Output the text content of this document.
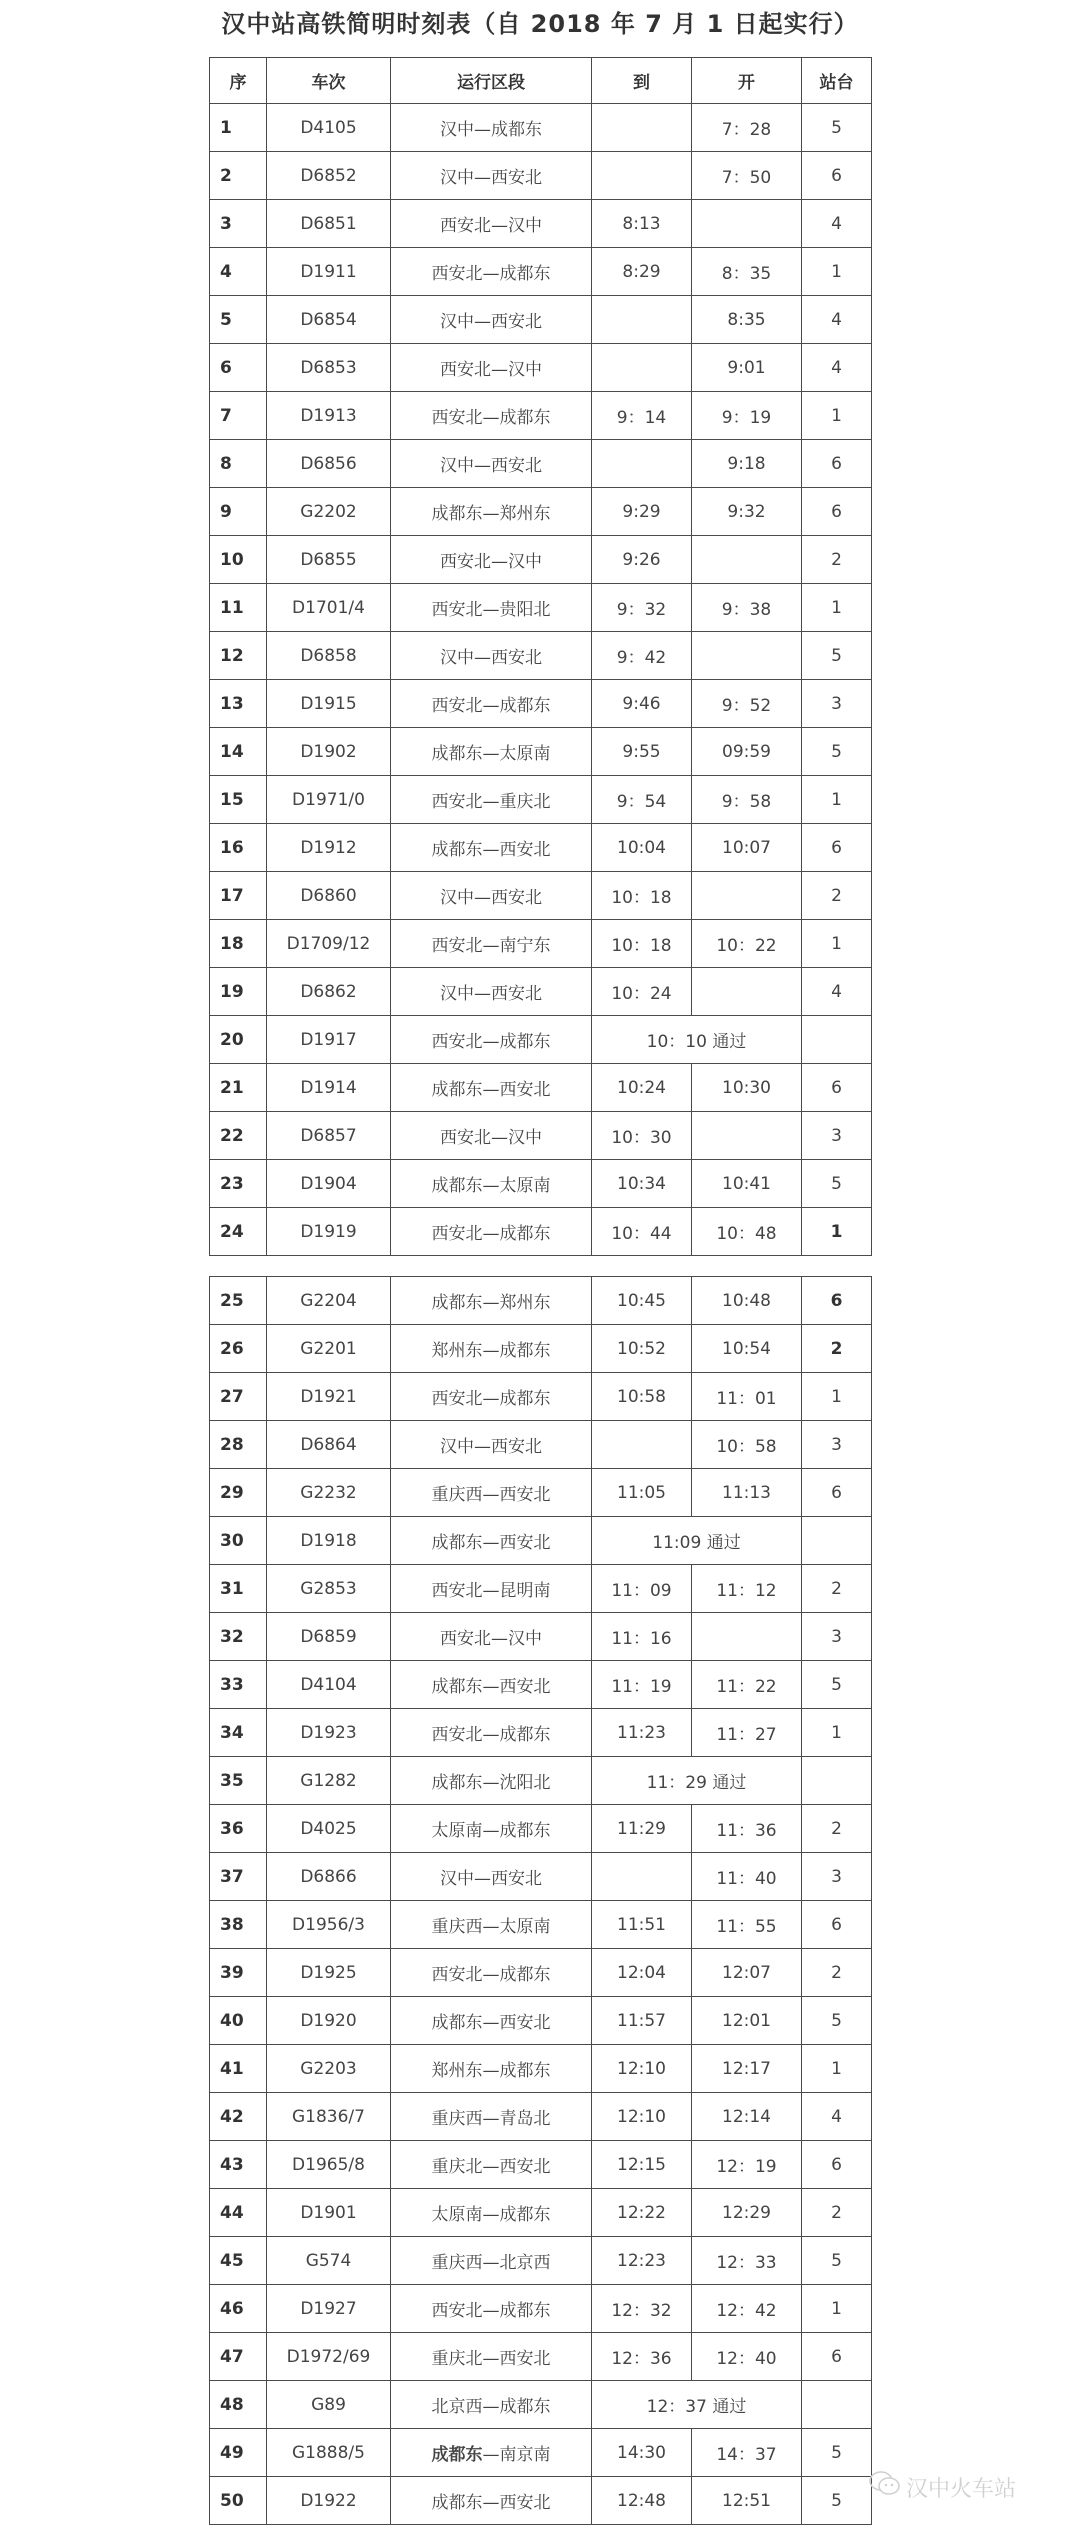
汉中站高铁简明时刻表（自 2018 年 7 月 1 日起实行）
序	车次	运行区段	到	开	站台
1	D4105	汉中—成都东		7：28	5
2	D6852	汉中—西安北		7：50	6
3	D6851	西安北—汉中	8:13		4
4	D1911	西安北—成都东	8:29	8：35	1
5	D6854	汉中—西安北		8:35	4
6	D6853	西安北—汉中		9:01	4
7	D1913	西安北—成都东	9：14	9：19	1
8	D6856	汉中—西安北		9:18	6
9	G2202	成都东—郑州东	9:29	9:32	6
10	D6855	西安北—汉中	9:26		2
11	D1701/4	西安北—贵阳北	9：32	9：38	1
12	D6858	汉中—西安北	9：42		5
13	D1915	西安北—成都东	9:46	9：52	3
14	D1902	成都东—太原南	9:55	09:59	5
15	D1971/0	西安北—重庆北	9：54	9：58	1
16	D1912	成都东—西安北	10:04	10:07	6
17	D6860	汉中—西安北	10：18		2
18	D1709/12	西安北—南宁东	10：18	10：22	1
19	D6862	汉中—西安北	10：24		4
20	D1917	西安北—成都东	10：10 通过		
21	D1914	成都东—西安北	10:24	10:30	6
22	D6857	西安北—汉中	10：30		3
23	D1904	成都东—太原南	10:34	10:41	5
24	D1919	西安北—成都东	10：44	10：48	1
25	G2204	成都东—郑州东	10:45	10:48	6
26	G2201	郑州东—成都东	10:52	10:54	2
27	D1921	西安北—成都东	10:58	11：01	1
28	D6864	汉中—西安北		10：58	3
29	G2232	重庆西—西安北	11:05	11:13	6
30	D1918	成都东—西安北	11:09 通过		
31	G2853	西安北—昆明南	11：09	11：12	2
32	D6859	西安北—汉中	11：16		3
33	D4104	成都东—西安北	11：19	11：22	5
34	D1923	西安北—成都东	11:23	11：27	1
35	G1282	成都东—沈阳北	11：29 通过		
36	D4025	太原南—成都东	11:29	11：36	2
37	D6866	汉中—西安北		11：40	3
38	D1956/3	重庆西—太原南	11:51	11：55	6
39	D1925	西安北—成都东	12:04	12:07	2
40	D1920	成都东—西安北	11:57	12:01	5
41	G2203	郑州东—成都东	12:10	12:17	1
42	G1836/7	重庆西—青岛北	12:10	12:14	4
43	D1965/8	重庆北—西安北	12:15	12：19	6
44	D1901	太原南—成都东	12:22	12:29	2
45	G574	重庆西—北京西	12:23	12：33	5
46	D1927	西安北—成都东	12：32	12：42	1
47	D1972/69	重庆北—西安北	12：36	12：40	6
48	G89	北京西—成都东	12：37 通过		
49	G1888/5	成都东—南京南	14:30	14：37	5
50	D1922	成都东—西安北	12:48	12:51	5	汉中火车站
